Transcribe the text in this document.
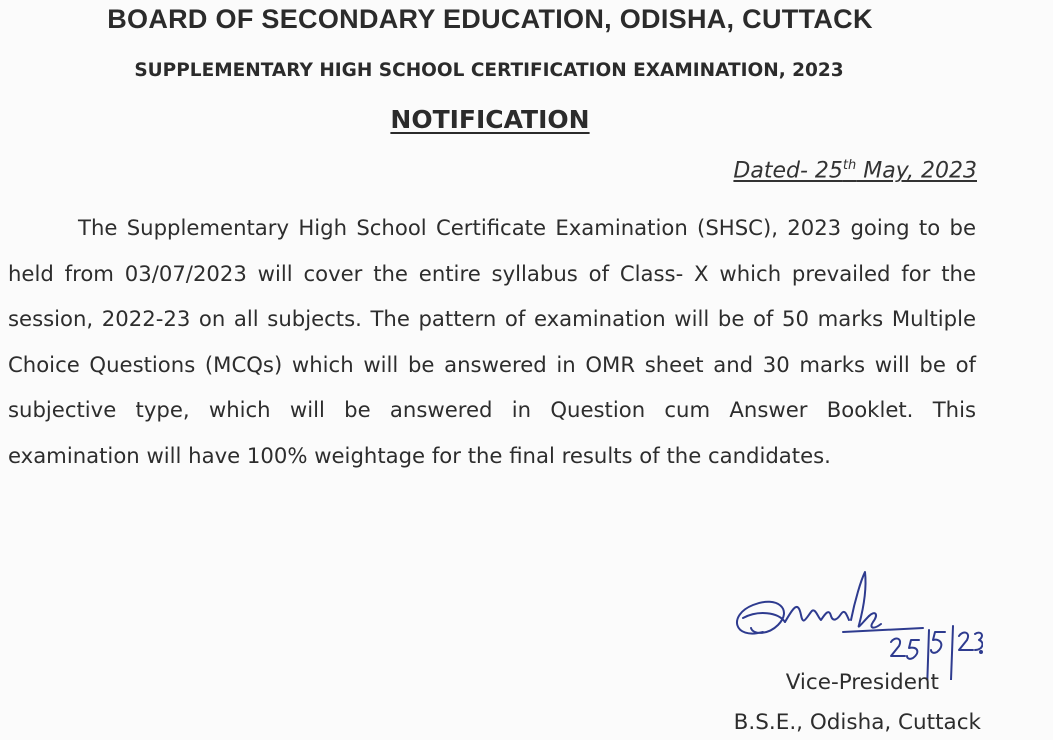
BOARD OF SECONDARY EDUCATION, ODISHA, CUTTACK
SUPPLEMENTARY HIGH SCHOOL CERTIFICATION EXAMINATION, 2023
NOTIFICATION
Dated- 25th May, 2023

The Supplementary High School Certificate Examination (SHSC), 2023 going to be held from 03/07/2023 will cover the entire syllabus of Class- X which prevailed for the session, 2022-23 on all subjects. The pattern of examination will be of 50 marks Multiple Choice Questions (MCQs) which will be answered in OMR sheet and 30 marks will be of subjective type, which will be answered in Question cum Answer Booklet. This examination will have 100% weightage for the final results of the candidates.

Vice-President
B.S.E., Odisha, Cuttack
